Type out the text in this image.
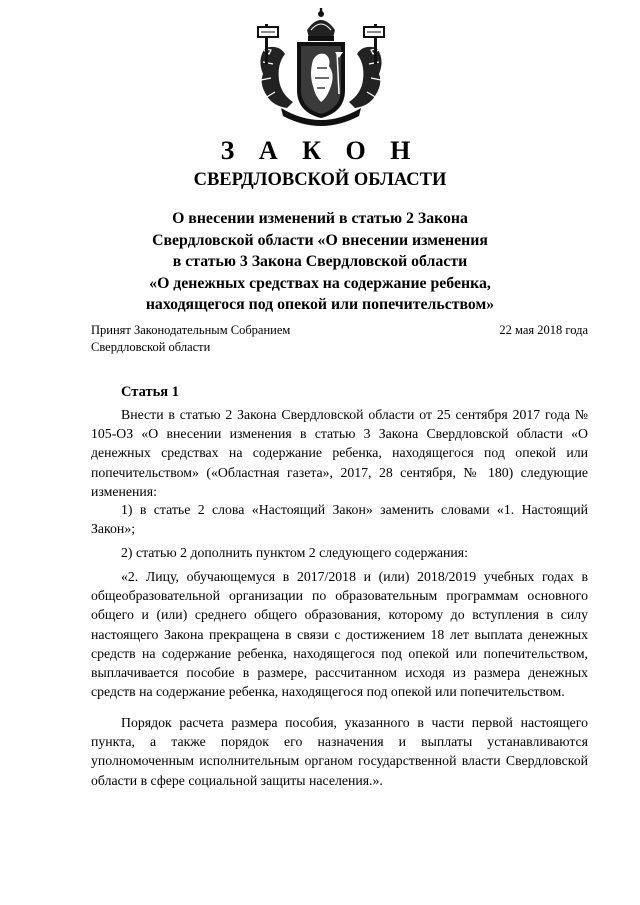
З А К О Н
СВЕРДЛОВСКОЙ ОБЛАСТИ

О внесении изменений в статью 2 Закона
Свердловской области «О внесении изменения
в статью 3 Закона Свердловской области
«О денежных средствах на содержание ребенка,
находящегося под опекой или попечительством»

Принят Законодательным Собранием
Свердловской области
22 мая 2018 года
Статья 1

Внести в статью 2 Закона Свердловской области от 25 сентября 2017 года № 105-ОЗ «О внесении изменения в статью 3 Закона Свердловской области «О денежных средствах на содержание ребенка, находящегося под опекой или попечительством» («Областная газета», 2017, 28 сентября, № 180) следующие изменения:

1) в статье 2 слова «Настоящий Закон» заменить словами «1. Настоящий Закон»;

2) статью 2 дополнить пунктом 2 следующего содержания:

«2. Лицу, обучающемуся в 2017/2018 и (или) 2018/2019 учебных годах в общеобразовательной организации по образовательным программам основного общего и (или) среднего общего образования, которому до вступления в силу настоящего Закона прекращена в связи с достижением 18 лет выплата денежных средств на содержание ребенка, находящегося под опекой или попечительством, выплачивается пособие в размере, рассчитанном исходя из размера денежных средств на содержание ребенка, находящегося под опекой или попечительством.

Порядок расчета размера пособия, указанного в части первой настоящего пункта, а также порядок его назначения и выплаты устанавливаются уполномоченным исполнительным органом государственной власти Свердловской области в сфере социальной защиты населения.».
